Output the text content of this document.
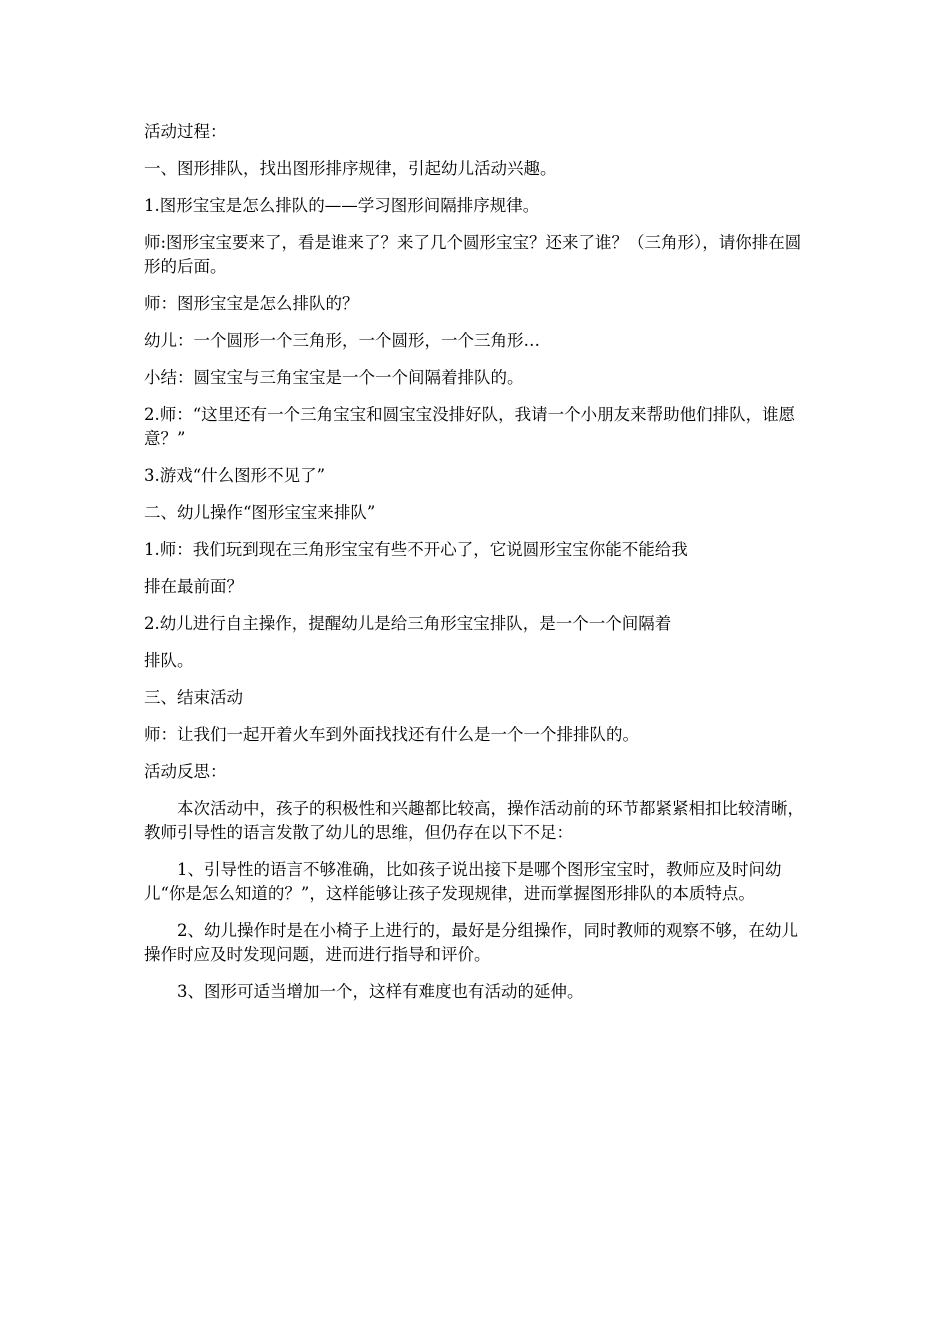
活动过程：

一、图形排队，找出图形排序规律，引起幼儿活动兴趣。

1.图形宝宝是怎么排队的——学习图形间隔排序规律。

师:图形宝宝要来了，看是谁来了？来了几个圆形宝宝？还来了谁？（三角形），请你排在圆形的后面。

师：图形宝宝是怎么排队的？

幼儿：一个圆形一个三角形，一个圆形，一个三角形…

小结：圆宝宝与三角宝宝是一个一个间隔着排队的。

2.师：“这里还有一个三角宝宝和圆宝宝没排好队，我请一个小朋友来帮助他们排队，谁愿意？”

3.游戏“什么图形不见了”

二、幼儿操作“图形宝宝来排队”

1.师：我们玩到现在三角形宝宝有些不开心了，它说圆形宝宝你能不能给我

排在最前面？

2.幼儿进行自主操作，提醒幼儿是给三角形宝宝排队，是一个一个间隔着

排队。

三、结束活动

师：让我们一起开着火车到外面找找还有什么是一个一个排排队的。

活动反思：

本次活动中，孩子的积极性和兴趣都比较高，操作活动前的环节都紧紧相扣比较清晰，教师引导性的语言发散了幼儿的思维，但仍存在以下不足：

1、引导性的语言不够准确，比如孩子说出接下是哪个图形宝宝时，教师应及时问幼儿“你是怎么知道的？”，这样能够让孩子发现规律，进而掌握图形排队的本质特点。

2、幼儿操作时是在小椅子上进行的，最好是分组操作，同时教师的观察不够，在幼儿操作时应及时发现问题，进而进行指导和评价。

3、图形可适当增加一个，这样有难度也有活动的延伸。
